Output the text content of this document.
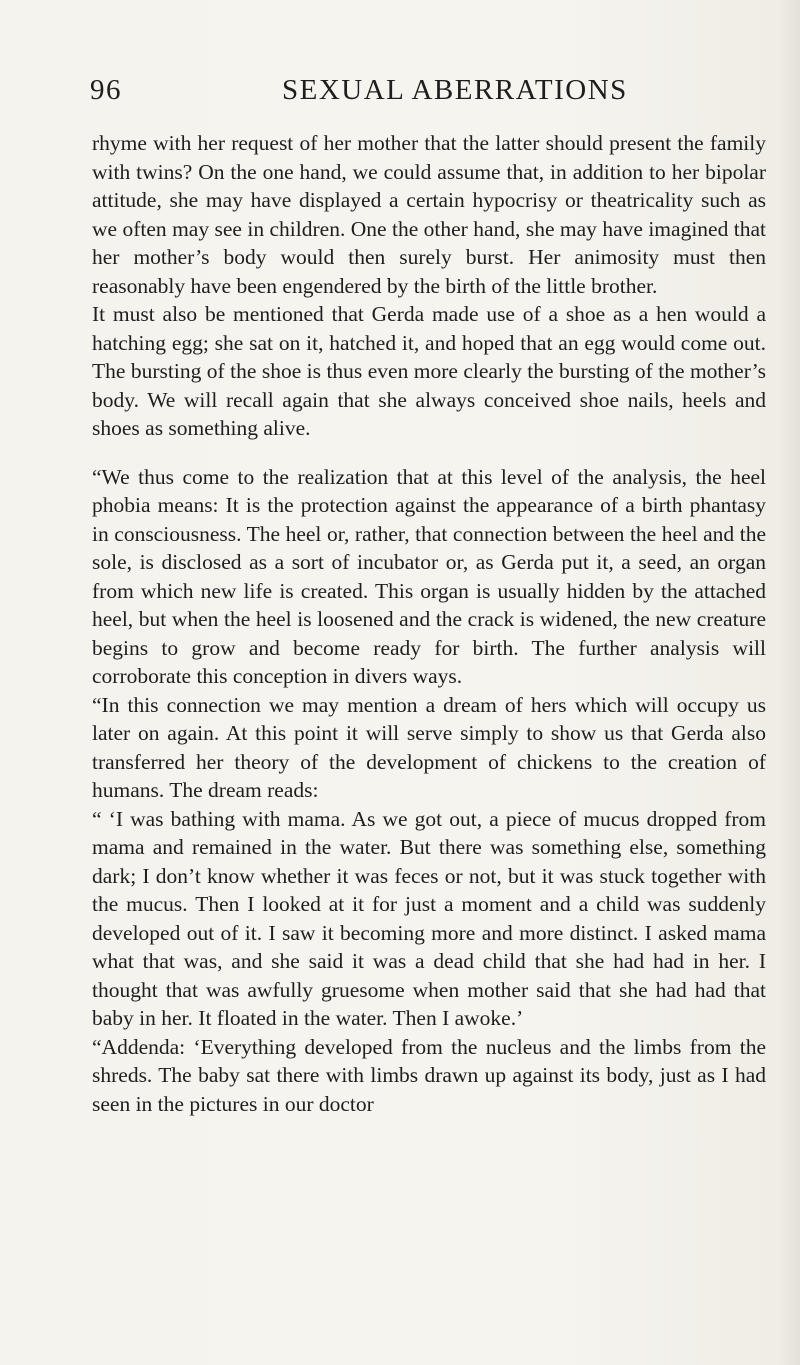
96	SEXUAL ABERRATIONS

rhyme with her request of her mother that the latter should present the family with twins? On the one hand, we could assume that, in addition to her bipolar attitude, she may have displayed a certain hypocrisy or theatricality such as we often may see in children. One the other hand, she may have imagined that her mother’s body would then surely burst. Her animosity must then reasonably have been engendered by the birth of the little brother.

It must also be mentioned that Gerda made use of a shoe as a hen would a hatching egg; she sat on it, hatched it, and hoped that an egg would come out. The bursting of the shoe is thus even more clearly the bursting of the mother’s body. We will recall again that she always conceived shoe nails, heels and shoes as something alive.

“We thus come to the realization that at this level of the analysis, the heel phobia means: It is the protection against the appearance of a birth phantasy in consciousness. The heel or, rather, that connection between the heel and the sole, is disclosed as a sort of incubator or, as Gerda put it, a seed, an organ from which new life is created. This organ is usually hidden by the attached heel, but when the heel is loosened and the crack is widened, the new creature begins to grow and become ready for birth. The further analysis will corroborate this conception in divers ways.

“In this connection we may mention a dream of hers which will occupy us later on again. At this point it will serve simply to show us that Gerda also transferred her theory of the development of chickens to the creation of humans. The dream reads:

“ ‘I was bathing with mama. As we got out, a piece of mucus dropped from mama and remained in the water. But there was something else, something dark; I don’t know whether it was feces or not, but it was stuck together with the mucus. Then I looked at it for just a moment and a child was suddenly developed out of it. I saw it becoming more and more distinct. I asked mama what that was, and she said it was a dead child that she had had in her. I thought that was awfully gruesome when mother said that she had had that baby in her. It floated in the water. Then I awoke.’

“Addenda: ‘Everything developed from the nucleus and the limbs from the shreds. The baby sat there with limbs drawn up against its body, just as I had seen in the pictures in our doctor
